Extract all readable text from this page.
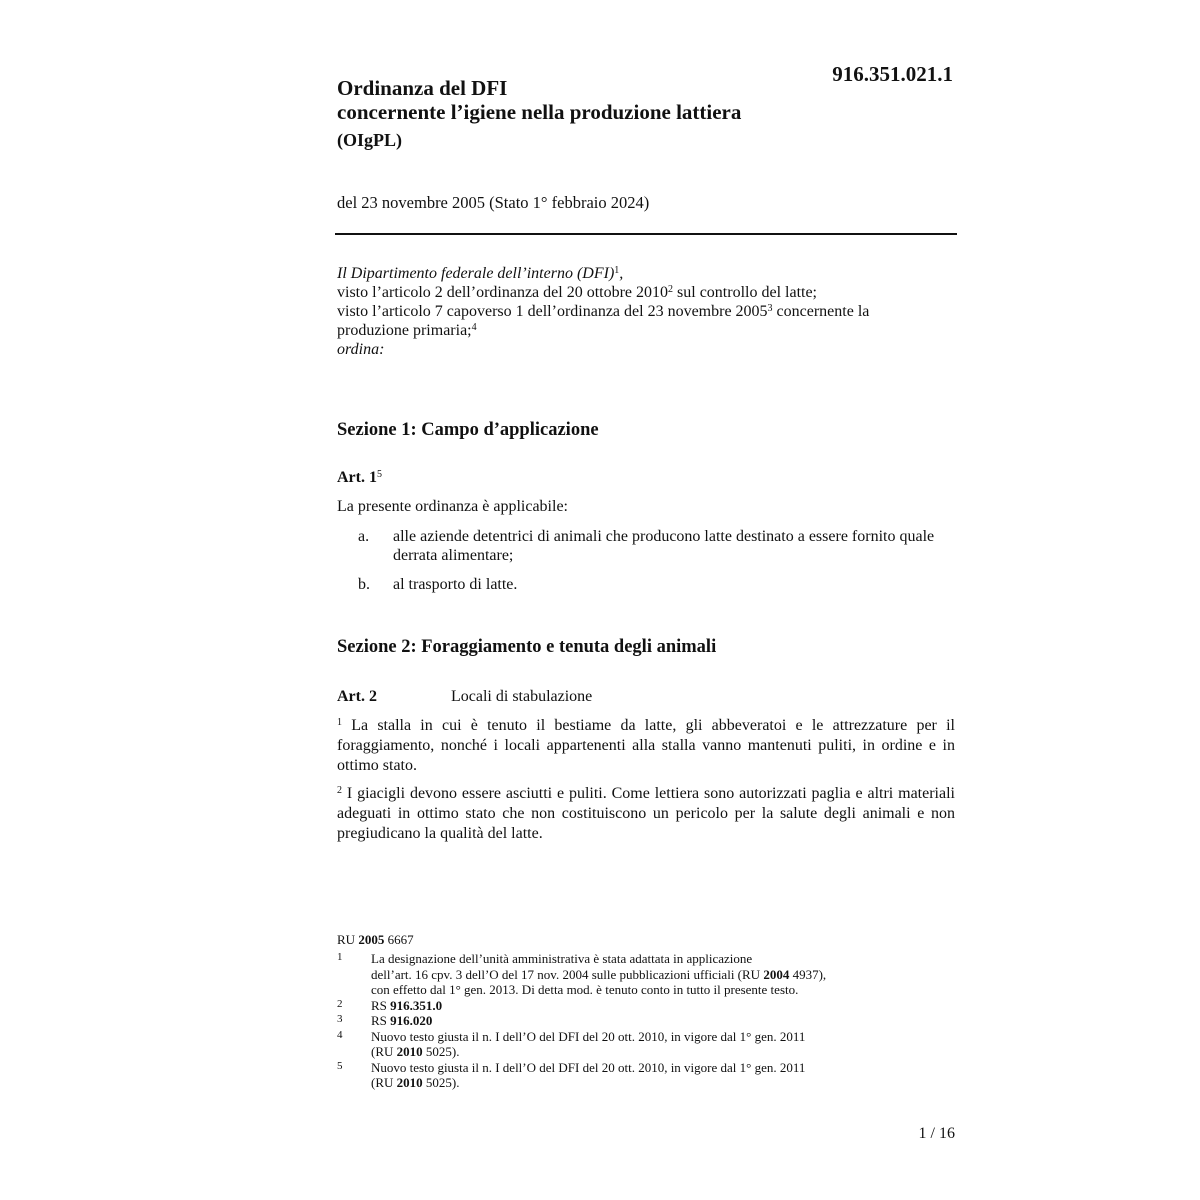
916.351.021.1
Ordinanza del DFI
concernente l’igiene nella produzione lattiera
(OIgPL)
del 23 novembre 2005 (Stato 1° febbraio 2024)
Il Dipartimento federale dell’interno (DFI)$^1$,
visto l’articolo 2 dell’ordinanza del 20 ottobre 2010$^2$ sul controllo del latte;
visto l’articolo 7 capoverso 1 dell’ordinanza del 23 novembre 2005$^3$ concernente la
produzione primaria;$^4$
ordina:
Sezione 1: Campo d’applicazione
Art. $1^5$
La presente ordinanza è applicabile:
a. alle aziende detentrici di animali che producono latte destinato a essere fornito quale derrata alimentare;
b. al trasporto di latte.
Sezione 2: Foraggiamento e tenuta degli animali
Art. 2	Locali di stabulazione

$^1$ La stalla in cui è tenuto il bestiame da latte, gli abbeveratoi e le attrezzature per il foraggiamento, nonché i locali appartenenti alla stalla vanno mantenuti puliti, in ordine e in ottimo stato.

$^2$ I giacigli devono essere asciutti e puliti. Come lettiera sono autorizzati paglia e altri materiali adeguati in ottimo stato che non costituiscono un pericolo per la salute degli animali e non pregiudicano la qualità del latte.

RU 2005 6667
1 La designazione dell’unità amministrativa è stata adattata in applicazione
dell’art. 16 cpv. 3 dell’O del 17 nov. 2004 sulle pubblicazioni ufficiali (RU 2004 4937),
con effetto dal 1° gen. 2013. Di detta mod. è tenuto conto in tutto il presente testo.
2 RS 916.351.0
3 RS 916.020
4 Nuovo testo giusta il n. I dell’O del DFI del 20 ott. 2010, in vigore dal 1° gen. 2011
(RU 2010 5025).
5 Nuovo testo giusta il n. I dell’O del DFI del 20 ott. 2010, in vigore dal 1° gen. 2011
(RU 2010 5025).
1 / 16
